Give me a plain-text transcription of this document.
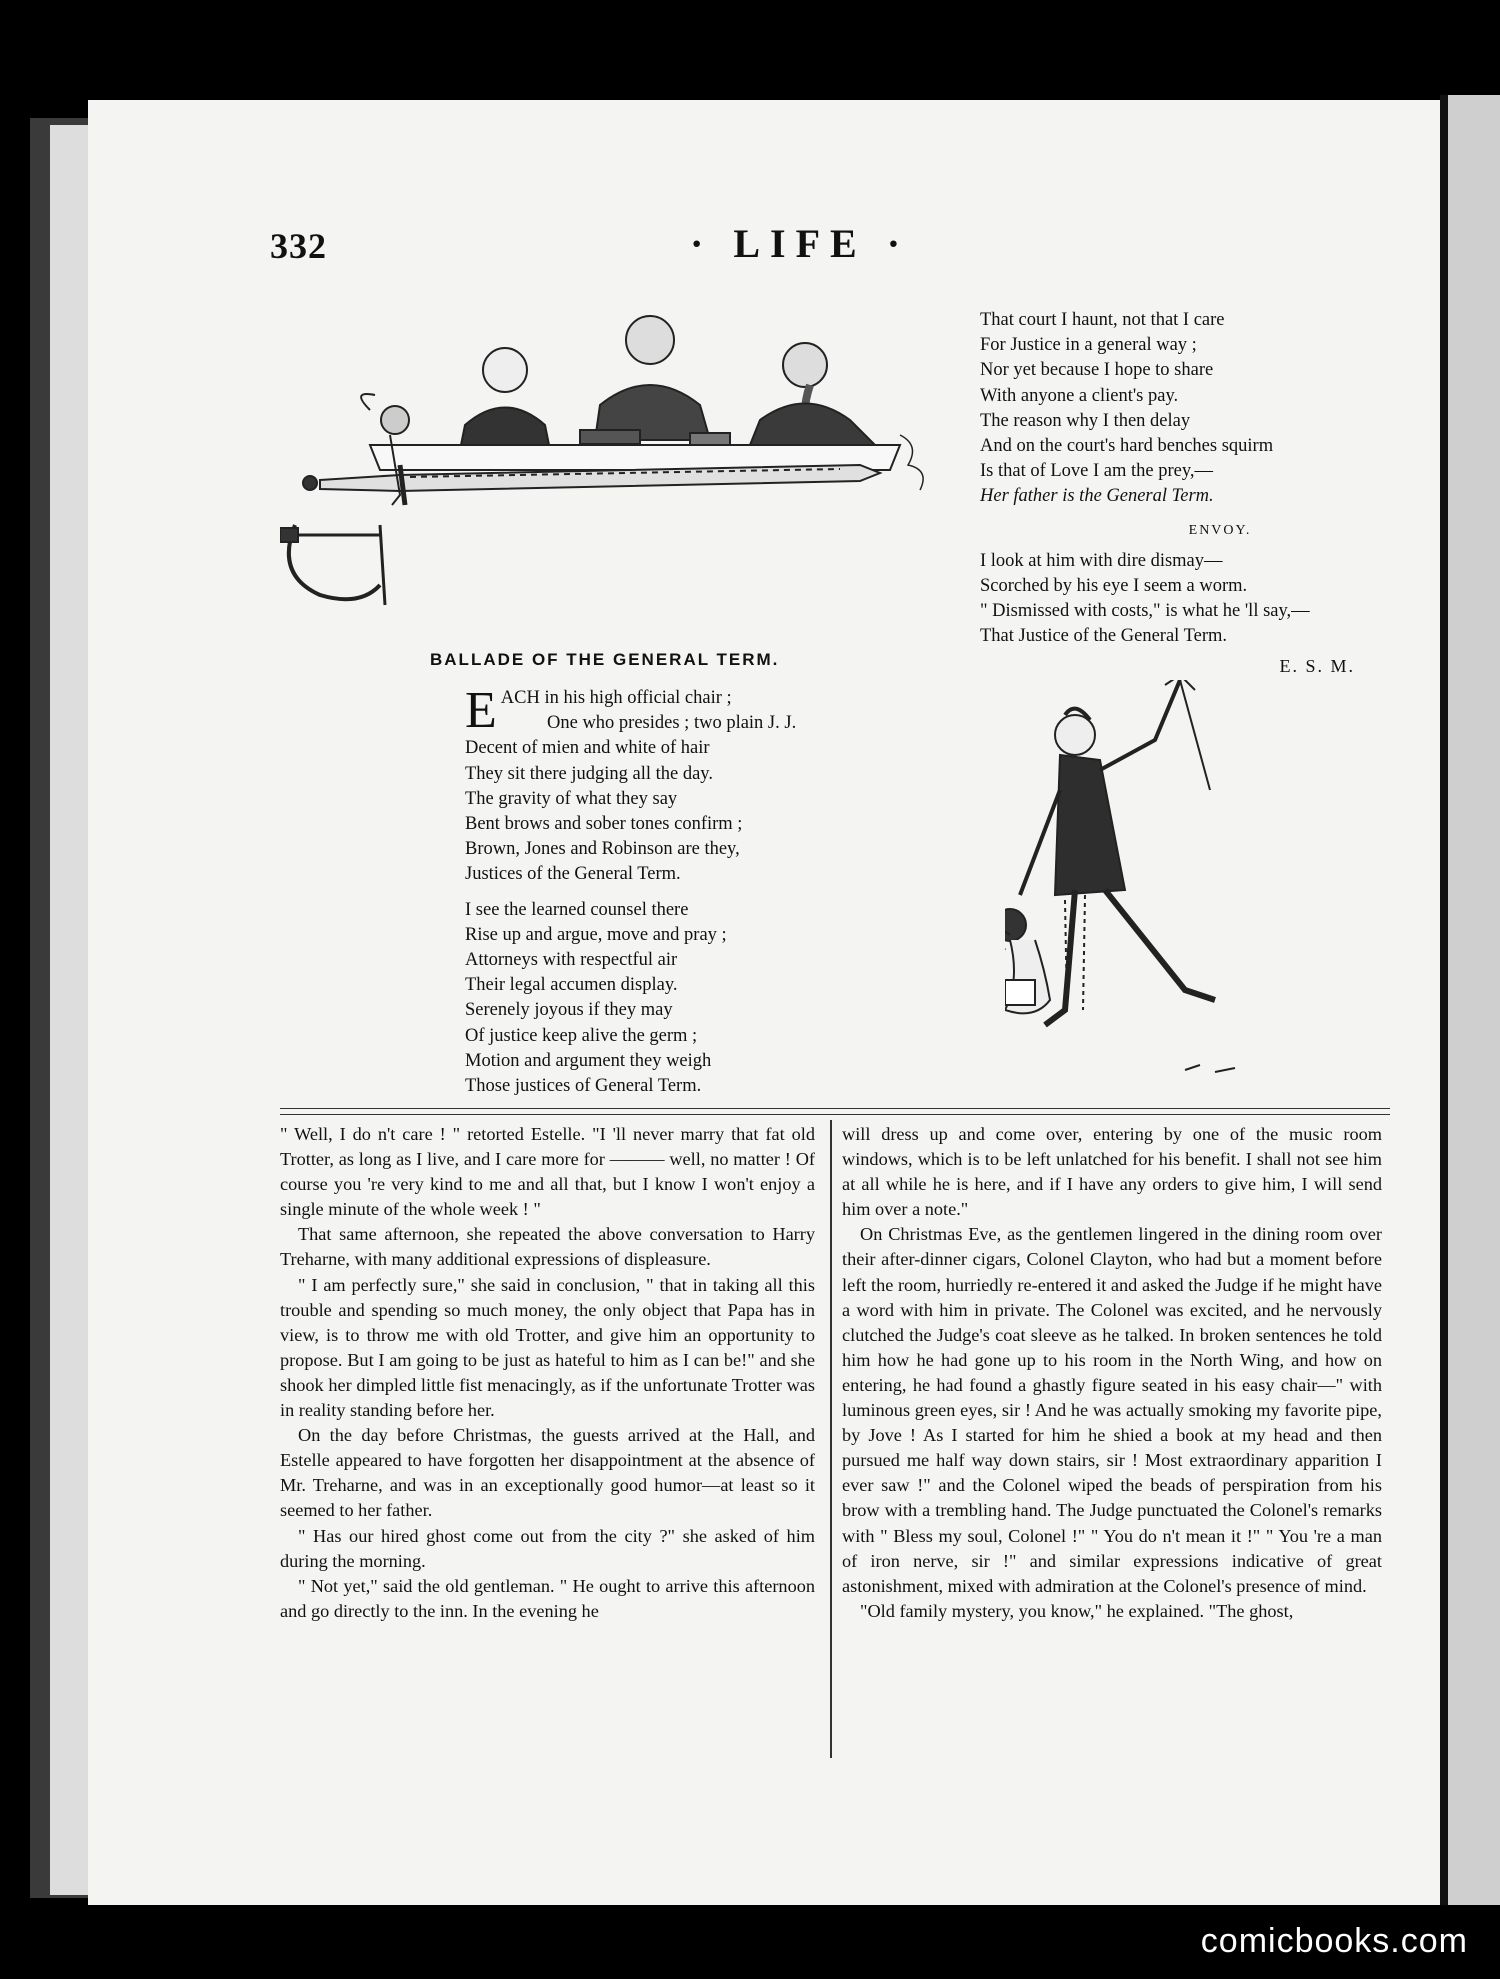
332	· LIFE ·
That court I haunt, not that I care
For Justice in a general way ;
Nor yet because I hope to share
With anyone a client's pay.
The reason why I then delay
And on the court's hard benches squirm
Is that of Love I am the prey,—
Her father is the General Term.
ENVOY.
I look at him with dire dismay—
Scorched by his eye I seem a worm.
" Dismissed with costs," is what he 'll say,—
That Justice of the General Term.
E. S. M.
BALLADE OF THE GENERAL TERM.
E ACH in his high official chair ;
One who presides ; two plain J. J.
Decent of mien and white of hair
They sit there judging all the day.
The gravity of what they say
Bent brows and sober tones confirm ;
Brown, Jones and Robinson are they,
Justices of the General Term.
I see the learned counsel there
Rise up and argue, move and pray ;
Attorneys with respectful air
Their legal accumen display.
Serenely joyous if they may
Of justice keep alive the germ ;
Motion and argument they weigh
Those justices of General Term.

" Well, I do n't care ! " retorted Estelle. "I 'll never marry that fat old Trotter, as long as I live, and I care more for ——— well, no matter ! Of course you 're very kind to me and all that, but I know I won't enjoy a single minute of the whole week ! "

That same afternoon, she repeated the above conversation to Harry Treharne, with many additional expressions of displeasure.

" I am perfectly sure," she said in conclusion, " that in taking all this trouble and spending so much money, the only object that Papa has in view, is to throw me with old Trotter, and give him an opportunity to propose. But I am going to be just as hateful to him as I can be!" and she shook her dimpled little fist menacingly, as if the unfortunate Trotter was in reality standing before her.

On the day before Christmas, the guests arrived at the Hall, and Estelle appeared to have forgotten her disappointment at the absence of Mr. Treharne, and was in an exceptionally good humor—at least so it seemed to her father.

" Has our hired ghost come out from the city ?" she asked of him during the morning.

" Not yet," said the old gentleman. " He ought to arrive this afternoon and go directly to the inn. In the evening he

will dress up and come over, entering by one of the music room windows, which is to be left unlatched for his benefit. I shall not see him at all while he is here, and if I have any orders to give him, I will send him over a note."

On Christmas Eve, as the gentlemen lingered in the dining room over their after-dinner cigars, Colonel Clayton, who had but a moment before left the room, hurriedly re-entered it and asked the Judge if he might have a word with him in private. The Colonel was excited, and he nervously clutched the Judge's coat sleeve as he talked. In broken sentences he told him how he had gone up to his room in the North Wing, and how on entering, he had found a ghastly figure seated in his easy chair—" with luminous green eyes, sir ! And he was actually smoking my favorite pipe, by Jove ! As I started for him he shied a book at my head and then pursued me half way down stairs, sir ! Most extraordinary apparition I ever saw !" and the Colonel wiped the beads of perspiration from his brow with a trembling hand. The Judge punctuated the Colonel's remarks with " Bless my soul, Colonel !" " You do n't mean it !" " You 're a man of iron nerve, sir !" and similar expressions indicative of great astonishment, mixed with admiration at the Colonel's presence of mind.

"Old family mystery, you know," he explained. "The ghost,

comicbooks.com
